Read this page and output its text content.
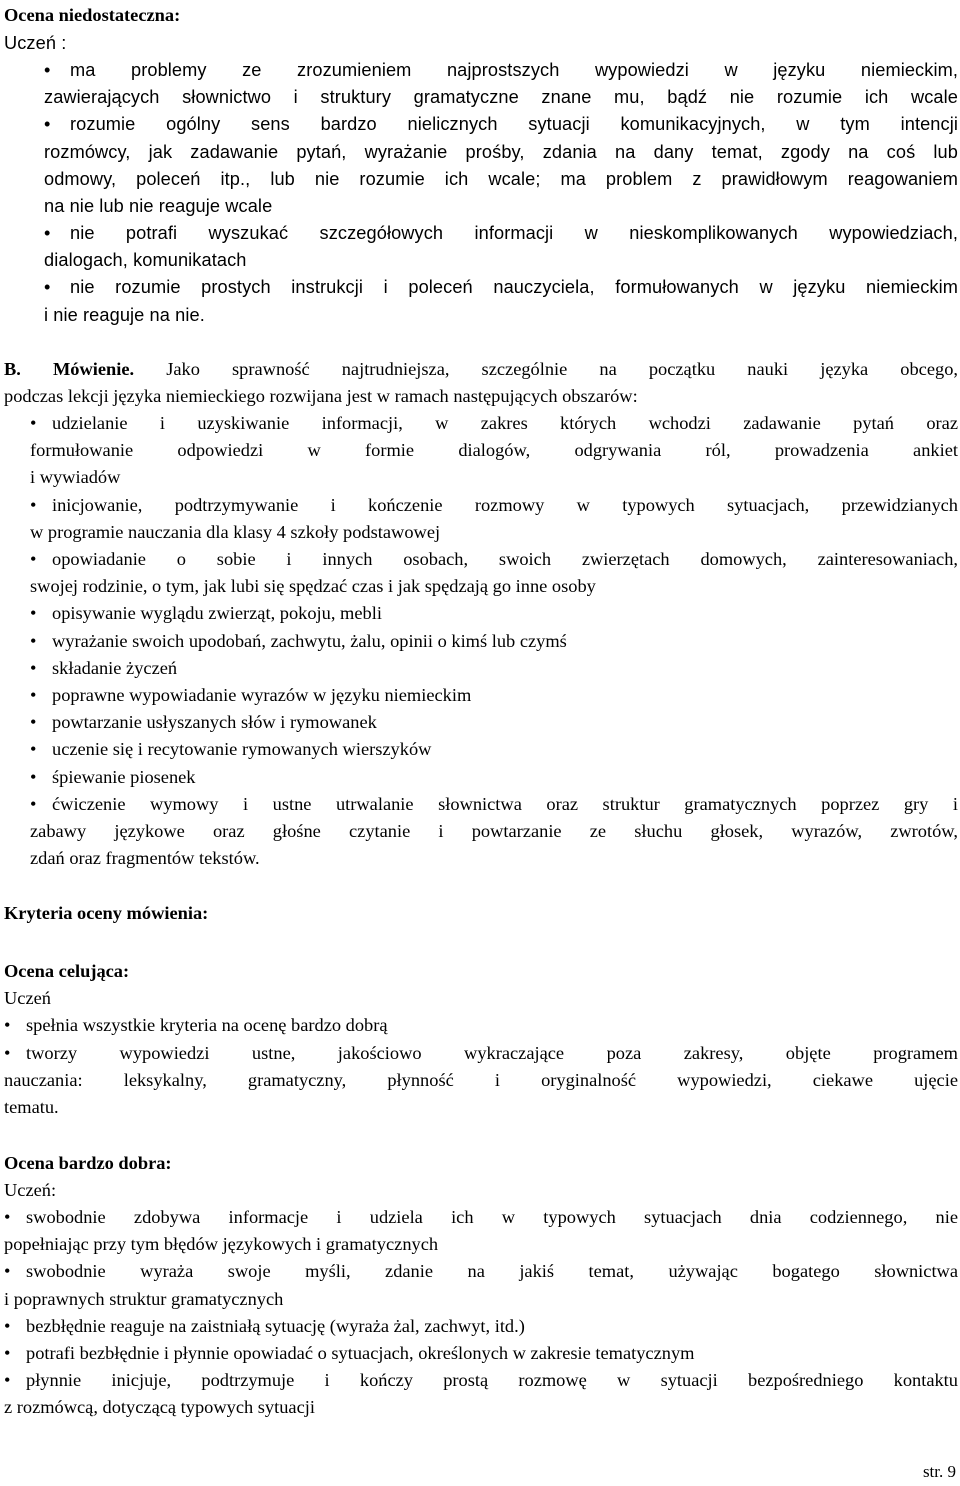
Ocena niedostateczna:
Uczeń :
• ma problemy ze zrozumieniem najprostszych wypowiedzi w języku niemieckim,
zawierających słownictwo i struktury gramatyczne znane mu, bądź nie rozumie ich wcale
• rozumie ogólny sens bardzo nielicznych sytuacji komunikacyjnych, w tym intencji
rozmówcy, jak zadawanie pytań, wyrażanie prośby, zdania na dany temat, zgody na coś lub
odmowy, poleceń itp., lub nie rozumie ich wcale; ma problem z prawidłowym reagowaniem
na nie lub nie reaguje wcale
• nie potrafi wyszukać szczegółowych informacji w nieskomplikowanych wypowiedziach,
dialogach, komunikatach
• nie rozumie prostych instrukcji i poleceń nauczyciela, formułowanych w języku niemieckim
i nie reaguje na nie.
B. Mówienie. Jako sprawność najtrudniejsza, szczególnie na początku nauki języka obcego,
podczas lekcji języka niemieckiego rozwijana jest w ramach następujących obszarów:
• udzielanie i uzyskiwanie informacji, w zakres których wchodzi zadawanie pytań oraz
formułowanie odpowiedzi w formie dialogów, odgrywania ról, prowadzenia ankiet
i wywiadów
• inicjowanie, podtrzymywanie i kończenie rozmowy w typowych sytuacjach, przewidzianych
w programie nauczania dla klasy 4 szkoły podstawowej
• opowiadanie o sobie i innych osobach, swoich zwierzętach domowych, zainteresowaniach,
swojej rodzinie, o tym, jak lubi się spędzać czas i jak spędzają go inne osoby
• opisywanie wyglądu zwierząt, pokoju, mebli
• wyrażanie swoich upodobań, zachwytu, żalu, opinii o kimś lub czymś
• składanie życzeń
• poprawne wypowiadanie wyrazów w języku niemieckim
• powtarzanie usłyszanych słów i rymowanek
• uczenie się i recytowanie rymowanych wierszyków
• śpiewanie piosenek
• ćwiczenie wymowy i ustne utrwalanie słownictwa oraz struktur gramatycznych poprzez gry i
zabawy językowe oraz głośne czytanie i powtarzanie ze słuchu głosek, wyrazów, zwrotów,
zdań oraz fragmentów tekstów.
Kryteria oceny mówienia:
Ocena celująca:
Uczeń
• spełnia wszystkie kryteria na ocenę bardzo dobrą
• tworzy wypowiedzi ustne, jakościowo wykraczające poza zakresy, objęte programem
nauczania: leksykalny, gramatyczny, płynność i oryginalność wypowiedzi, ciekawe ujęcie
tematu.
Ocena bardzo dobra:
Uczeń:
• swobodnie zdobywa informacje i udziela ich w typowych sytuacjach dnia codziennego, nie
popełniając przy tym błędów językowych i gramatycznych
• swobodnie wyraża swoje myśli, zdanie na jakiś temat, używając bogatego słownictwa
i poprawnych struktur gramatycznych
• bezbłędnie reaguje na zaistniałą sytuację (wyraża żal, zachwyt, itd.)
• potrafi bezbłędnie i płynnie opowiadać o sytuacjach, określonych w zakresie tematycznym
• płynnie inicjuje, podtrzymuje i kończy prostą rozmowę w sytuacji bezpośredniego kontaktu
z rozmówcą, dotyczącą typowych sytuacji
str. 9
